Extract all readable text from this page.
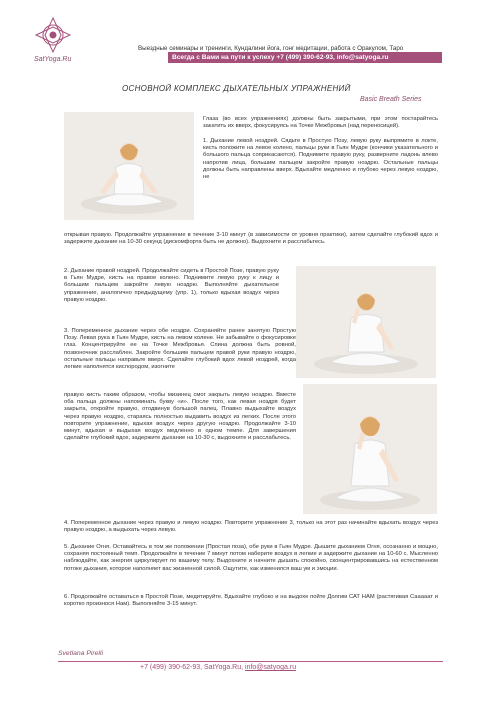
SatYoga.Ru
Выездные семинары и тренинги, Кундалини йога, гонг медитации, работа с Оракулом, Таро
Всегда с Вами на пути к успеху +7 (499) 390-62-93, info@satyoga.ru
ОСНОВНОЙ КОМПЛЕКС ДЫХАТЕЛЬНЫХ УПРАЖНЕНИЙ
Basic Breath Series
Глаза (во всех упражнениях) должны быть закрытыми, при этом постарайтесь закатить их вверх, фокусируясь на Точке Межбровья (над переносицей).
1. Дыхание левой ноздрей. Сядьте в Простую Позу, левую руку выпрямите в локте, кисть положите на левое колено, пальцы руки в Гьян Мудре (кончики указательного и большого пальца соприкасаются). Поднимите правую руку, разверните ладонь влево напротив лица, большим пальцем закройте правую ноздрю. Остальные пальцы должны быть направлены вверх. Вдыхайте медленно и глубоко через левую ноздрю, не
открывая правую. Продолжайте упражнение в течение 3-10 минут (в зависимости от уровня практики), затем сделайте глубокий вдох и задержите дыхание на 10-30 секунд (дискомфорта быть не должно). Выдохните и расслабьтесь.
2. Дыхание правой ноздрей. Продолжайте сидеть в Простой Позе, правую руку в Гьян Мудре, кисть на правое колено. Поднимите левую руку к лицу и большим пальцем закройте левую ноздрю. Выполняйте дыхательное упражнение, аналогично предыдущему (упр. 1), только вдыхая воздух через правую ноздрю.
3. Попеременное дыхание через обе ноздри. Сохраняйте ранее занятую Простую Позу. Левая рука в Гьян Мудре, кисть на левом колене. Не забывайте о фокусировке глаз. Концентрируйте ее на Точке Межбровья. Спина должна быть ровной, позвоночник расслаблен. Закройте большим пальцем правой руки правую ноздрю, остальные пальцы направьте вверх. Сделайте глубокий вдох левой ноздрей, когда легкие наполнятся кислородом, изогните
правую кисть таким образом, чтобы мизинец смог закрыть левую ноздрю. Вместе оба пальца должны напоминать букву «и». После того, как левая ноздря будет закрыта, откройте правую, отодвинув большой палец. Плавно выдыхайте воздух через правую ноздрю, стараясь полностью выдавить воздух из легких. После этого повторите упражнение, вдыхая воздух через другую ноздрю. Продолжайте 3-10 минут, вдыхая и выдыхая воздух медленно в одном темпе. Для завершения сделайте глубокий вдох, задержите дыхание на 10-30 с, выдохните и расслабьтесь.
4. Попеременное дыхание через правую и левую ноздрю. Повторите упражнение 3, только на этот раз начинайте вдыхать воздух через правую ноздрю, а выдыхать через левую.
5. Дыхание Огня. Оставайтесь в том же положении (Простая поза), обе руки в Гьян Мудре. Дышите дыханием Огня, осознанно и мощно, сохраняя постоянный темп. Продолжайте в течение 7 минут потом наберите воздух в легкие и задержите дыхание на 10-60 с. Мысленно наблюдайте, как энергия циркулирует по вашему телу. Выдохните и начните дышать спокойно, сконцентрировавшись на естественном потоке дыхания, которое наполняет вас жизненной силой. Ощутите, как изменился ваш ум и эмоции.
6. Продолжайте оставаться в Простой Позе, медитируйте. Вдыхайте глубоко и на выдохе пойте Долгим САТ НАМ (растягивая Сааааат и коротко произнося Нам). Выполняйте 3-15 минут.
Svetlana Pirelli
+7 (499) 390-62-93, SatYoga.Ru, info@satyoga.ru
